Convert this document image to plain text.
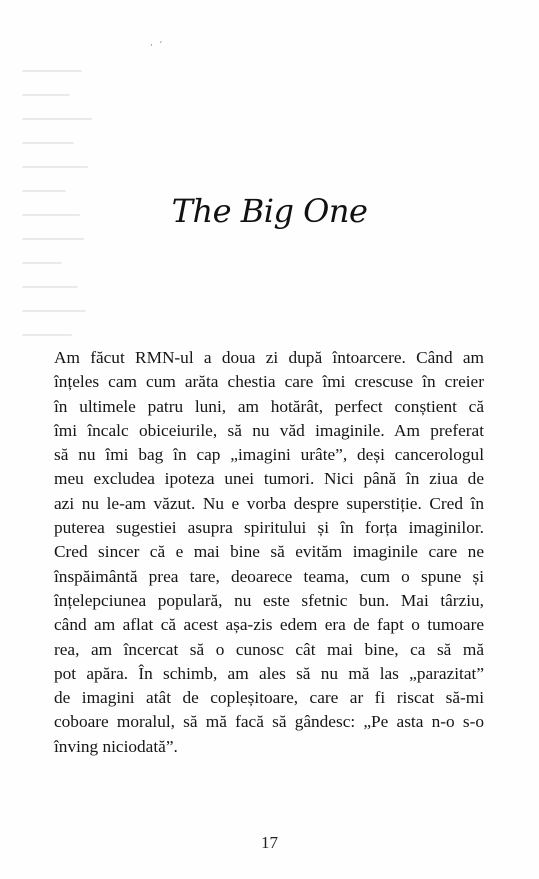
· ´
The Big One
Am făcut RMN-ul a doua zi după întoarcere. Când am
înțeles cam cum arăta chestia care îmi crescuse în creier
în ultimele patru luni, am hotărât, perfect conștient că
îmi încalc obiceiurile, să nu văd imaginile. Am preferat
să nu îmi bag în cap „imagini urâte”, deși cancerologul
meu excludea ipoteza unei tumori. Nici până în ziua de
azi nu le-am văzut. Nu e vorba despre superstiție. Cred în
puterea sugestiei asupra spiritului și în forța imaginilor.
Cred sincer că e mai bine să evităm imaginile care ne
înspăimântă prea tare, deoarece teama, cum o spune și
înțelepciunea populară, nu este sfetnic bun. Mai târziu,
când am aflat că acest așa-zis edem era de fapt o tumoare
rea, am încercat să o cunosc cât mai bine, ca să mă
pot apăra. În schimb, am ales să nu mă las „parazitat”
de imagini atât de copleșitoare, care ar fi riscat să-mi
coboare moralul, să mă facă să gândesc: „Pe asta n-o s-o
înving niciodată”.
17
